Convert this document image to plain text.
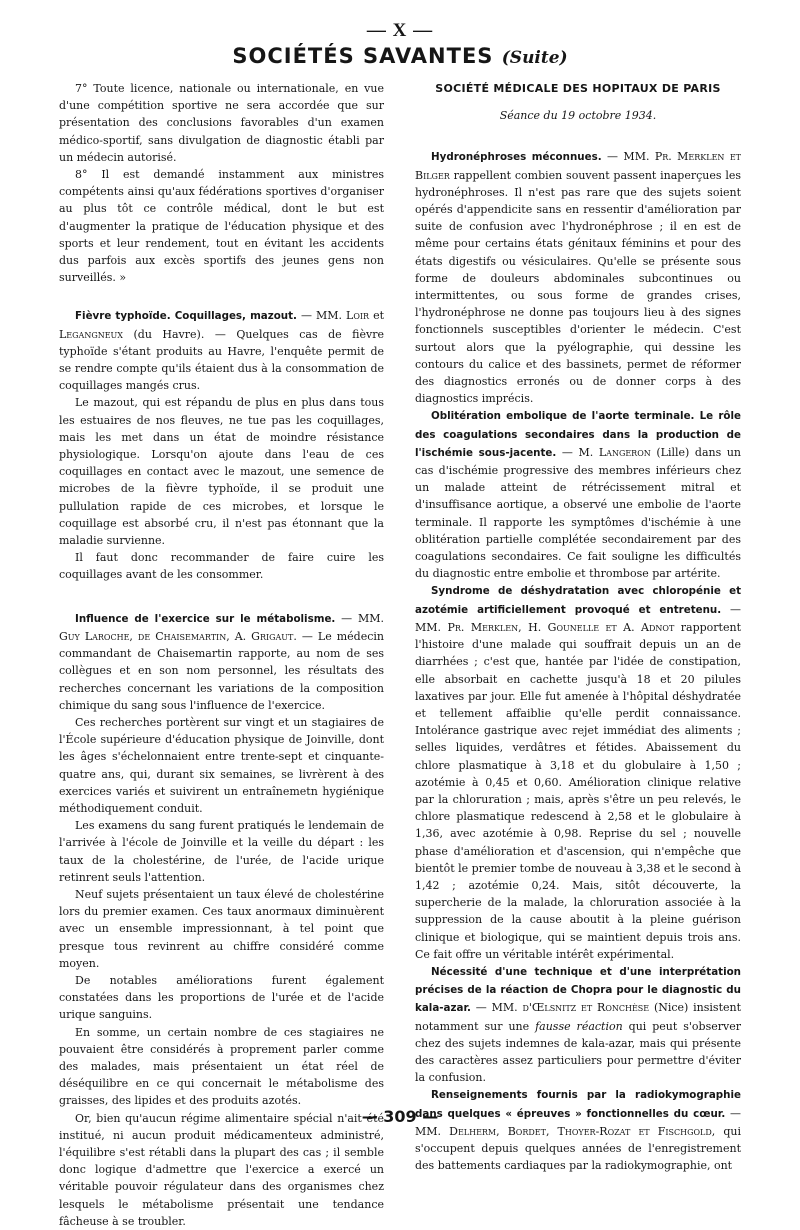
— X —
SOCIÉTÉS SAVANTES (Suite)

7° Toute licence, nationale ou internationale, en vue d'une compétition sportive ne sera accordée que sur présentation des conclusions favorables d'un examen médico-sportif, sans divulgation de diagnostic établi par un médecin autorisé.

8° Il est demandé instamment aux ministres compétents ainsi qu'aux fédérations sportives d'organiser au plus tôt ce contrôle médical, dont le but est d'augmenter la pratique de l'éducation physique et des sports et leur rendement, tout en évitant les accidents dus parfois aux excès sportifs des jeunes gens non surveillés. »

Fièvre typhoïde. Coquillages, mazout. — MM. Loir et Legangneux (du Havre). — Quelques cas de fièvre typhoïde s'étant produits au Havre, l'enquête permit de se rendre compte qu'ils étaient dus à la consommation de coquillages mangés crus.

Le mazout, qui est répandu de plus en plus dans tous les estuaires de nos fleuves, ne tue pas les coquillages, mais les met dans un état de moindre résistance physiologique. Lorsqu'on ajoute dans l'eau de ces coquillages en contact avec le mazout, une semence de microbes de la fièvre typhoïde, il se produit une pullulation rapide de ces microbes, et lorsque le coquillage est absorbé cru, il n'est pas étonnant que la maladie survienne.

Il faut donc recommander de faire cuire les coquillages avant de les consommer.

Influence de l'exercice sur le métabolisme. — MM. Guy Laroche, de Chaisemartin, A. Grigaut. — Le médecin commandant de Chaisemartin rapporte, au nom de ses collègues et en son nom personnel, les résultats des recherches concernant les variations de la composition chimique du sang sous l'influence de l'exercice.

Ces recherches portèrent sur vingt et un stagiaires de l'École supérieure d'éducation physique de Joinville, dont les âges s'échelonnaient entre trente-sept et cinquante-quatre ans, qui, durant six semaines, se livrèrent à des exercices variés et suivirent un entraînemetn hygiénique méthodiquement conduit.

Les examens du sang furent pratiqués le lendemain de l'arrivée à l'école de Joinville et la veille du départ : les taux de la cholestérine, de l'urée, de l'acide urique retinrent seuls l'attention.

Neuf sujets présentaient un taux élevé de cholestérine lors du premier examen. Ces taux anormaux diminuèrent avec un ensemble impressionnant, à tel point que presque tous revinrent au chiffre considéré comme moyen.

De notables améliorations furent également constatées dans les proportions de l'urée et de l'acide urique sanguins.

En somme, un certain nombre de ces stagiaires ne pouvaient être considérés à proprement parler comme des malades, mais présentaient un état réel de déséquilibre en ce qui concernait le métabolisme des graisses, des lipides et des produits azotés.

Or, bien qu'aucun régime alimentaire spécial n'ait été institué, ni aucun produit médicamenteux administré, l'équilibre s'est rétabli dans la plupart des cas ; il semble donc logique d'admettre que l'exercice a exercé un véritable pouvoir régulateur dans des organismes chez lesquels le métabolisme présentait une tendance fâcheuse à se troubler.

SOCIÉTÉ MÉDICALE DES HOPITAUX DE PARIS
Séance du 19 octobre 1934.

Hydronéphroses méconnues. — MM. Pr. Merklen et Bilger rappellent combien souvent passent inaperçues les hydronéphroses. Il n'est pas rare que des sujets soient opérés d'appendicite sans en ressentir d'amélioration par suite de confusion avec l'hydronéphrose ; il en est de même pour certains états génitaux féminins et pour des états digestifs ou vésiculaires. Qu'elle se présente sous forme de douleurs abdominales subcontinues ou intermittentes, ou sous forme de grandes crises, l'hydronéphrose ne donne pas toujours lieu à des signes fonctionnels susceptibles d'orienter le médecin. C'est surtout alors que la pyélographie, qui dessine les contours du calice et des bassinets, permet de réformer des diagnostics erronés ou de donner corps à des diagnostics imprécis.

Oblitération embolique de l'aorte terminale. Le rôle des coagulations secondaires dans la production de l'ischémie sous-jacente. — M. Langeron (Lille) dans un cas d'ischémie progressive des membres inférieurs chez un malade atteint de rétrécissement mitral et d'insuffisance aortique, a observé une embolie de l'aorte terminale. Il rapporte les symptômes d'ischémie à une oblitération partielle complétée secondairement par des coagulations secondaires. Ce fait souligne les difficultés du diagnostic entre embolie et thrombose par artérite.

Syndrome de déshydratation avec chloropénie et azotémie artificiellement provoqué et entretenu. — MM. Pr. Merklen, H. Gounelle et A. Adnot rapportent l'histoire d'une malade qui souffrait depuis un an de diarrhées ; c'est que, hantée par l'idée de constipation, elle absorbait en cachette jusqu'à 18 et 20 pilules laxatives par jour. Elle fut amenée à l'hôpital déshydratée et tellement affaiblie qu'elle perdit connaissance. Intolérance gastrique avec rejet immédiat des aliments ; selles liquides, verdâtres et fétides. Abaissement du chlore plasmatique à 3,18 et du globulaire à 1,50 ; azotémie à 0,45 et 0,60. Amélioration clinique relative par la chloruration ; mais, après s'être un peu relevés, le chlore plasmatique redescend à 2,58 et le globulaire à 1,36, avec azotémie à 0,98. Reprise du sel ; nouvelle phase d'amélioration et d'ascension, qui n'empêche que bientôt le premier tombe de nouveau à 3,38 et le second à 1,42 ; azotémie 0,24. Mais, sitôt découverte, la supercherie de la malade, la chloruration associée à la suppression de la cause aboutit à la pleine guérison clinique et biologique, qui se maintient depuis trois ans. Ce fait offre un véritable intérêt expérimental.

Nécessité d'une technique et d'une interprétation précises de la réaction de Chopra pour le diagnostic du kala-azar. — MM. d'Œlsnitz et Ronchèse (Nice) insistent notamment sur une fausse réaction qui peut s'observer chez des sujets indemnes de kala-azar, mais qui présente des caractères assez particuliers pour permettre d'éviter la confusion.

Renseignements fournis par la radiokymographie dans quelques « épreuves » fonctionnelles du cœur. — MM. Delherm, Bordet, Thoyer-Rozat et Fischgold, qui s'occupent depuis quelques années de l'enregistrement des battements cardiaques par la radiokymographie, ont

— 309 —
